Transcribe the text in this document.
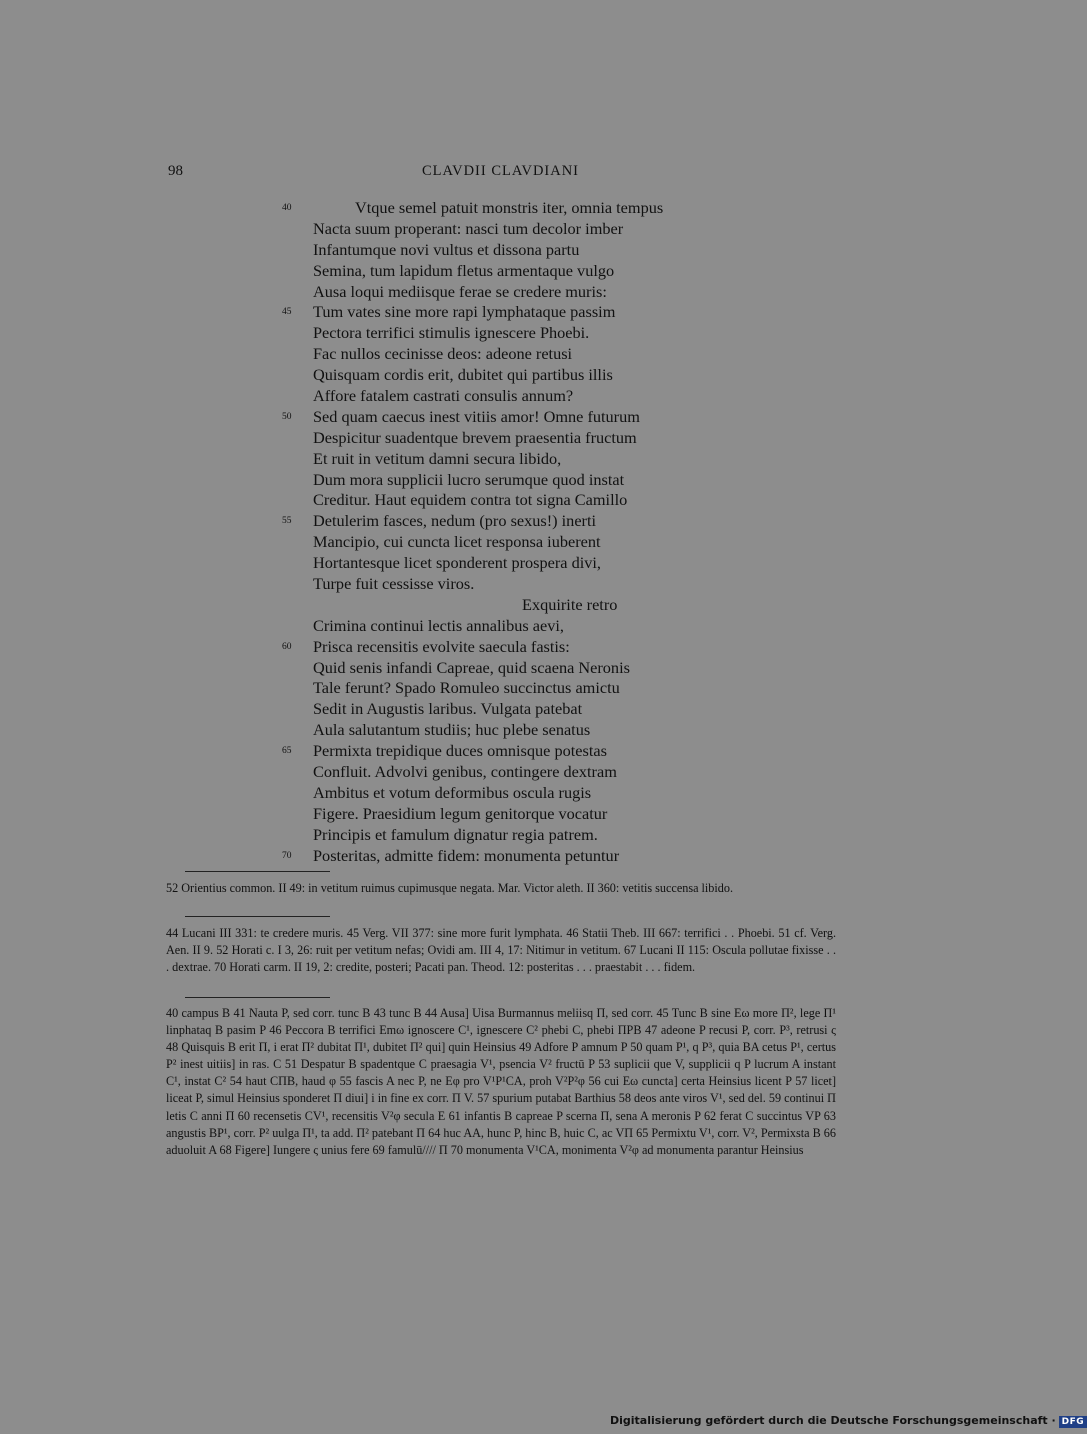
98	CLAVDII CLAVDIANI
40	Vtque semel patuit monstris iter, omnia tempus
Nacta suum properant: nasci tum decolor imber
Infantumque novi vultus et dissona partu
Semina, tum lapidum fletus armentaque vulgo
Ausa loqui mediisque ferae se credere muris:
45	Tum vates sine more rapi lymphataque passim
Pectora terrifici stimulis ignescere Phoebi.
Fac nullos cecinisse deos: adeone retusi
Quisquam cordis erit, dubitet qui partibus illis
Affore fatalem castrati consulis annum?
50	Sed quam caecus inest vitiis amor! Omne futurum
Despicitur suadentque brevem praesentia fructum
Et ruit in vetitum damni secura libido,
Dum mora supplicii lucro serumque quod instat
Creditur. Haut equidem contra tot signa Camillo
55	Detulerim fasces, nedum (pro sexus!) inerti
Mancipio, cui cuncta licet responsa iuberent
Hortantesque licet sponderent prospera divi,
Turpe fuit cessisse viros.
Exquirite retro
Crimina continui lectis annalibus aevi,
60	Prisca recensitis evolvite saecula fastis:
Quid senis infandi Capreae, quid scaena Neronis
Tale ferunt? Spado Romuleo succinctus amictu
Sedit in Augustis laribus. Vulgata patebat
Aula salutantum studiis; huc plebe senatus
65	Permixta trepidique duces omnisque potestas
Confluit. Advolvi genibus, contingere dextram
Ambitus et votum deformibus oscula rugis
Figere. Praesidium legum genitorque vocatur
Principis et famulum dignatur regia patrem.
70	Posteritas, admitte fidem: monumenta petuntur
52 Orientius common. II 49: in vetitum ruimus cupimusque negata. Mar. Victor aleth. II 360: vetitis succensa libido.
44 Lucani III 331: te credere muris. 45 Verg. VII 377: sine more furit lymphata. 46 Statii Theb. III 667: terrifici . . Phoebi. 51 cf. Verg. Aen. II 9. 52 Horati c. I 3, 26: ruit per vetitum nefas; Ovidi am. III 4, 17: Nitimur in vetitum. 67 Lucani II 115: Oscula pollutae fixisse . . . dextrae. 70 Horati carm. II 19, 2: credite, posteri; Pacati pan. Theod. 12: posteritas . . . praestabit . . . fidem.
40 campus B 41 Nauta P, sed corr. tunc B 43 tunc B 44 Ausa] Uisa Burmannus meliisq Π, sed corr. 45 Tunc B sine Eω more Π², lege Π¹ linphataq B pasim P 46 Peccora B terrifici Emω ignoscere C¹, ignescere C² phebi C, phebi ΠPB 47 adeone P recusi P, corr. P³, retrusi ς 48 Quisquis B erit Π, i erat Π² dubitat Π¹, dubitet Π² qui] quin Heinsius 49 Adfore P amnum P 50 quam P¹, q P³, quia BA cetus P¹, certus P² inest uitiis] in ras. C 51 Despatur B spadentque C praesagia V¹, psencia V² fructū P 53 suplicii que V, supplicii q P lucrum A instant C¹, instat C² 54 haut CΠB, haud φ 55 fascis A nec P, ne Eφ pro V¹P¹CA, proh V²P²φ 56 cui Eω cuncta] certa Heinsius licent P 57 licet] liceat P, simul Heinsius sponderet Π diui] i in fine ex corr. Π V. 57 spurium putabat Barthius 58 deos ante viros V¹, sed del. 59 continui Π letis C anni Π 60 recensetis CV¹, recensitis V²φ secula E 61 infantis B capreae P scerna Π, sena A meronis P 62 ferat C succintus VP 63 angustis BP¹, corr. P² uulga Π¹, ta add. Π² patebant Π 64 huc AA, hunc P, hinc B, huic C, ac VΠ 65 Permixtu V¹, corr. V², Permixsta B 66 aduoluit A 68 Figere] Iungere ς unius fere 69 famulū//// Π 70 monumenta V¹CA, monimenta V²φ ad monumenta parantur Heinsius
Digitalisierung gefördert durch die Deutsche Forschungsgemeinschaft · DFG
